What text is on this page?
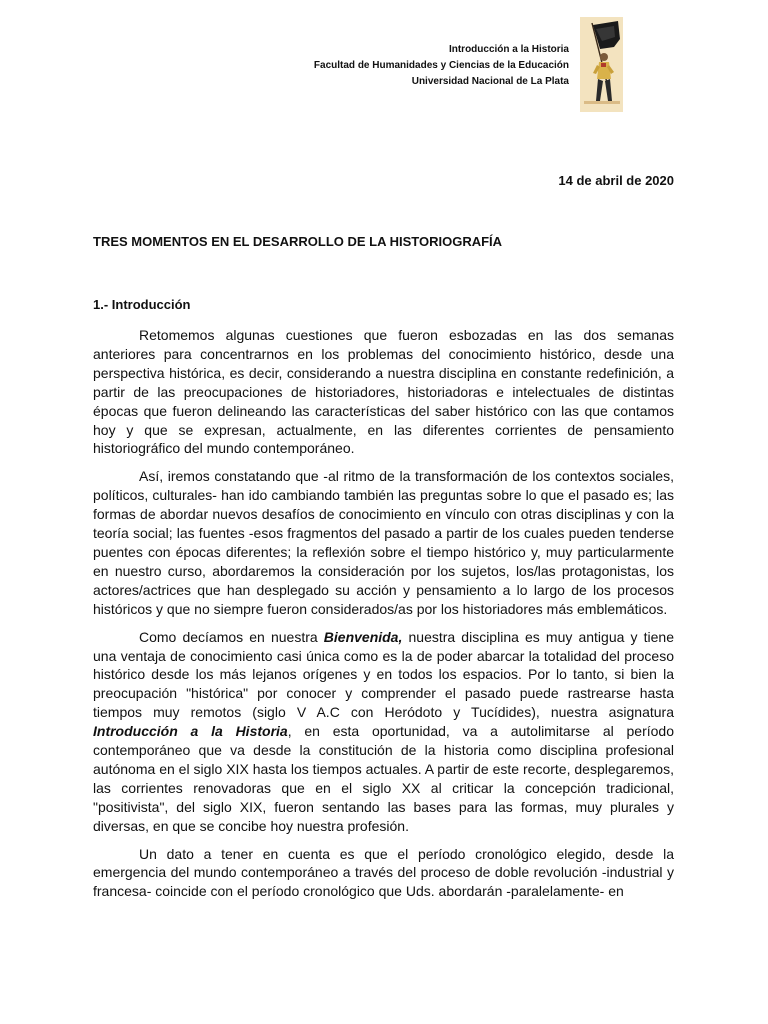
Introducción a la Historia
Facultad de Humanidades y Ciencias de la Educación
Universidad Nacional de La Plata
14 de abril de 2020
TRES MOMENTOS EN EL DESARROLLO DE LA HISTORIOGRAFÍA
1.- Introducción

Retomemos algunas cuestiones que fueron esbozadas en las dos semanas anteriores para concentrarnos en los problemas del conocimiento histórico, desde una perspectiva histórica, es decir, considerando a nuestra disciplina en constante redefinición, a partir de las preocupaciones de historiadores, historiadoras e intelectuales de distintas épocas que fueron delineando las características del saber histórico con las que contamos hoy y que se expresan, actualmente, en las diferentes corrientes de pensamiento historiográfico del mundo contemporáneo.

Así, iremos constatando que -al ritmo de la transformación de los contextos sociales, políticos, culturales- han ido cambiando también las preguntas sobre lo que el pasado es; las formas de abordar nuevos desafíos de conocimiento en vínculo con otras disciplinas y con la teoría social; las fuentes -esos fragmentos del pasado a partir de los cuales pueden tenderse puentes con épocas diferentes; la reflexión sobre el tiempo histórico y, muy particularmente en nuestro curso, abordaremos la consideración por los sujetos, los/las protagonistas, los actores/actrices que han desplegado su acción y pensamiento a lo largo de los procesos históricos y que no siempre fueron considerados/as por los historiadores más emblemáticos.

Como decíamos en nuestra Bienvenida, nuestra disciplina es muy antigua y tiene una ventaja de conocimiento casi única como es la de poder abarcar la totalidad del proceso histórico desde los más lejanos orígenes y en todos los espacios. Por lo tanto, si bien la preocupación "histórica" por conocer y comprender el pasado puede rastrearse hasta tiempos muy remotos (siglo V A.C con Heródoto y Tucídides), nuestra asignatura Introducción a la Historia, en esta oportunidad, va a autolimitarse al período contemporáneo que va desde la constitución de la historia como disciplina profesional autónoma en el siglo XIX hasta los tiempos actuales. A partir de este recorte, desplegaremos, las corrientes renovadoras que en el siglo XX al criticar la concepción tradicional, "positivista", del siglo XIX, fueron sentando las bases para las formas, muy plurales y diversas, en que se concibe hoy nuestra profesión.

Un dato a tener en cuenta es que el período cronológico elegido, desde la emergencia del mundo contemporáneo a través del proceso de doble revolución -industrial y francesa- coincide con el período cronológico que Uds. abordarán -paralelamente- en
